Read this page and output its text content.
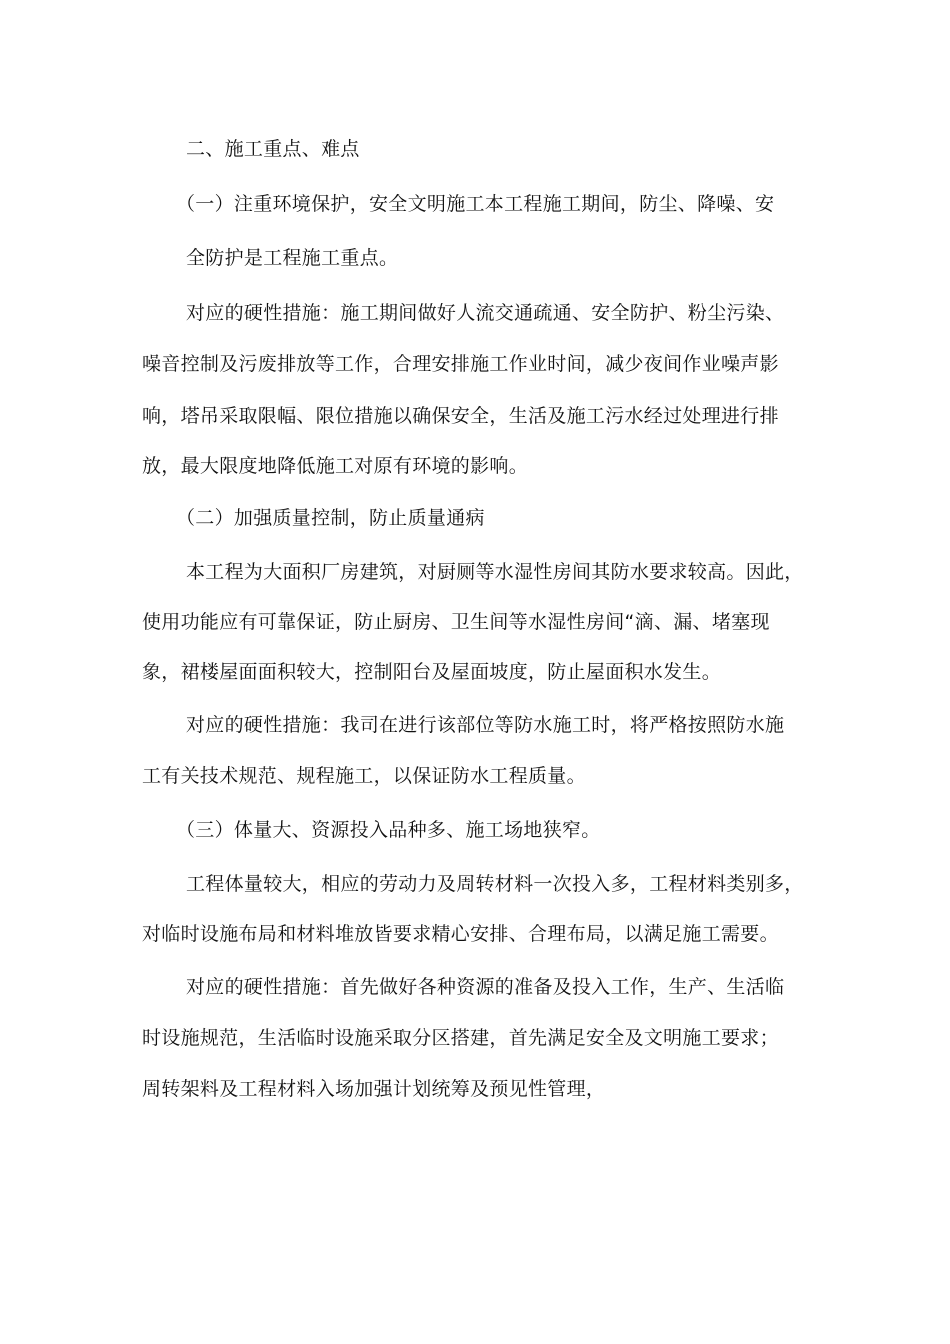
二、施工重点、难点
（一）注重环境保护，安全文明施工本工程施工期间，防尘、降噪、安
全防护是工程施工重点。
对应的硬性措施：施工期间做好人流交通疏通、安全防护、粉尘污染、
噪音控制及污废排放等工作，合理安排施工作业时间，减少夜间作业噪声影
响，塔吊采取限幅、限位措施以确保安全，生活及施工污水经过处理进行排
放，最大限度地降低施工对原有环境的影响。
（二）加强质量控制，防止质量通病
本工程为大面积厂房建筑，对厨厕等水湿性房间其防水要求较高。因此，
使用功能应有可靠保证，防止厨房、卫生间等水湿性房间“滴、漏、堵塞现
象，裙楼屋面面积较大，控制阳台及屋面坡度，防止屋面积水发生。
对应的硬性措施：我司在进行该部位等防水施工时，将严格按照防水施
工有关技术规范、规程施工，以保证防水工程质量。
（三）体量大、资源投入品种多、施工场地狭窄。
工程体量较大，相应的劳动力及周转材料一次投入多，工程材料类别多，
对临时设施布局和材料堆放皆要求精心安排、合理布局，以满足施工需要。
对应的硬性措施：首先做好各种资源的准备及投入工作，生产、生活临
时设施规范，生活临时设施采取分区搭建，首先满足安全及文明施工要求；
周转架料及工程材料入场加强计划统筹及预见性管理，
